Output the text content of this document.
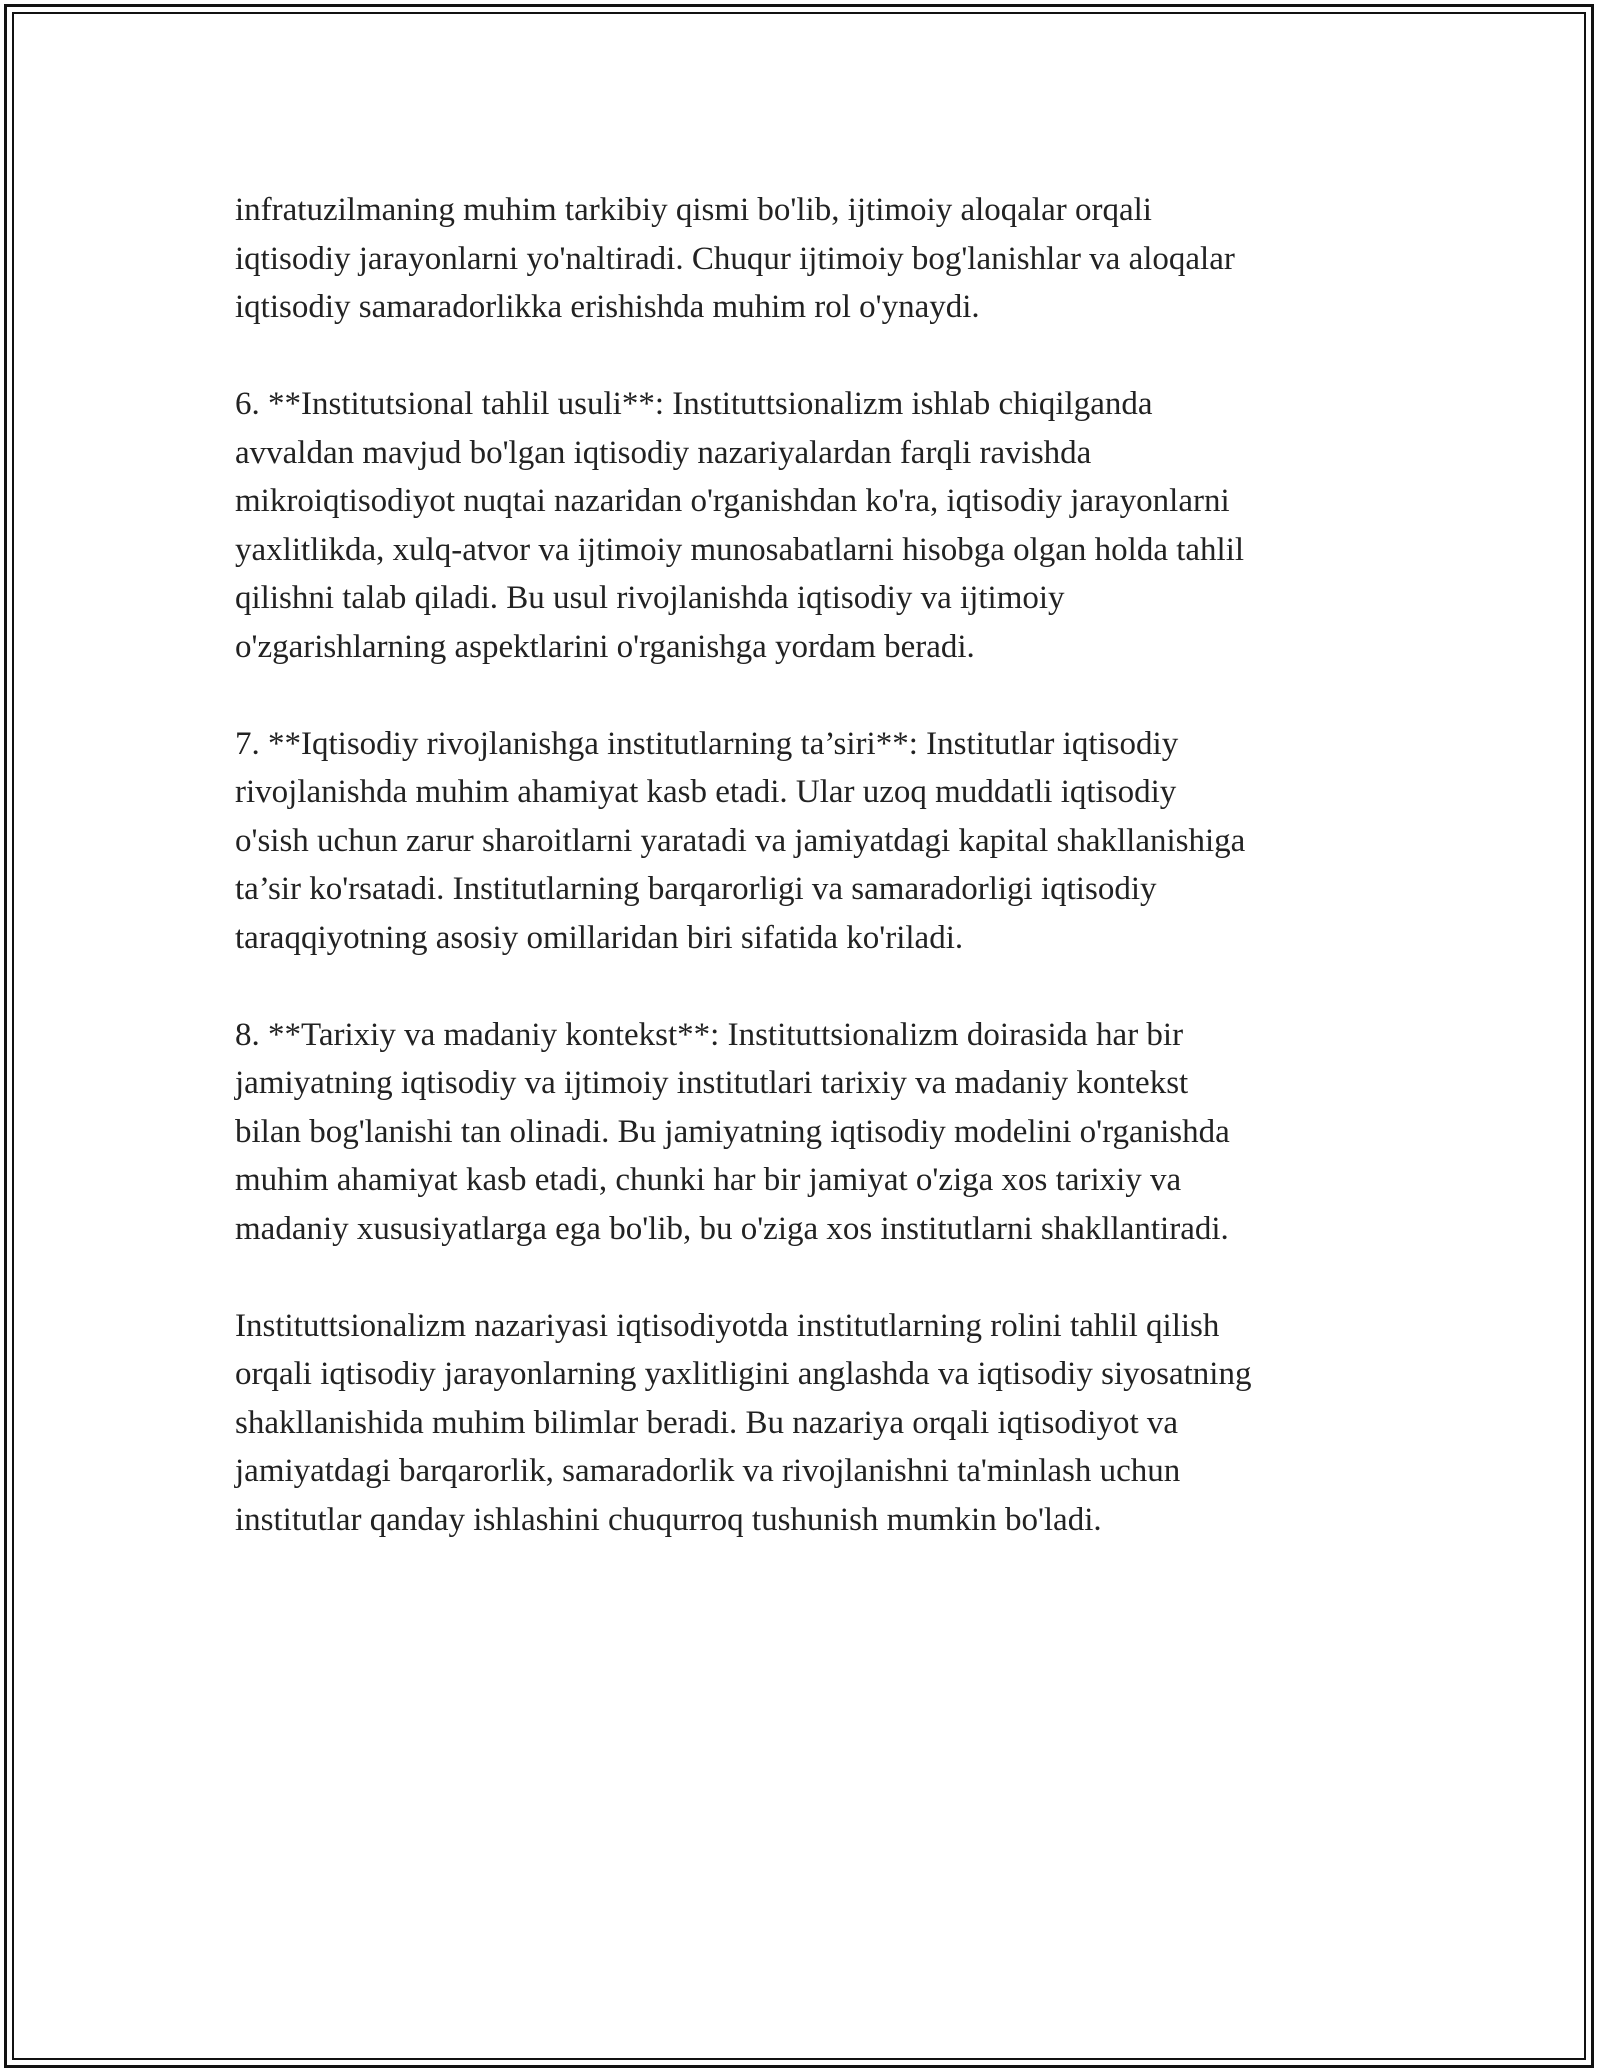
infratuzilmaning muhim tarkibiy qismi bo'lib, ijtimoiy aloqalar orqali
iqtisodiy jarayonlarni yo'naltiradi. Chuqur ijtimoiy bog'lanishlar va aloqalar
iqtisodiy samaradorlikka erishishda muhim rol o'ynaydi.

6. **Institutsional tahlil usuli**: Instituttsionalizm ishlab chiqilganda
avvaldan mavjud bo'lgan iqtisodiy nazariyalardan farqli ravishda
mikroiqtisodiyot nuqtai nazaridan o'rganishdan ko'ra, iqtisodiy jarayonlarni
yaxlitlikda, xulq-atvor va ijtimoiy munosabatlarni hisobga olgan holda tahlil
qilishni talab qiladi. Bu usul rivojlanishda iqtisodiy va ijtimoiy
o'zgarishlarning aspektlarini o'rganishga yordam beradi.

7. **Iqtisodiy rivojlanishga institutlarning ta’siri**: Institutlar iqtisodiy
rivojlanishda muhim ahamiyat kasb etadi. Ular uzoq muddatli iqtisodiy
o'sish uchun zarur sharoitlarni yaratadi va jamiyatdagi kapital shakllanishiga
ta’sir ko'rsatadi. Institutlarning barqarorligi va samaradorligi iqtisodiy
taraqqiyotning asosiy omillaridan biri sifatida ko'riladi.

8. **Tarixiy va madaniy kontekst**: Instituttsionalizm doirasida har bir
jamiyatning iqtisodiy va ijtimoiy institutlari tarixiy va madaniy kontekst
bilan bog'lanishi tan olinadi. Bu jamiyatning iqtisodiy modelini o'rganishda
muhim ahamiyat kasb etadi, chunki har bir jamiyat o'ziga xos tarixiy va
madaniy xususiyatlarga ega bo'lib, bu o'ziga xos institutlarni shakllantiradi.

Instituttsionalizm nazariyasi iqtisodiyotda institutlarning rolini tahlil qilish
orqali iqtisodiy jarayonlarning yaxlitligini anglashda va iqtisodiy siyosatning
shakllanishida muhim bilimlar beradi. Bu nazariya orqali iqtisodiyot va
jamiyatdagi barqarorlik, samaradorlik va rivojlanishni ta'minlash uchun
institutlar qanday ishlashini chuqurroq tushunish mumkin bo'ladi.
